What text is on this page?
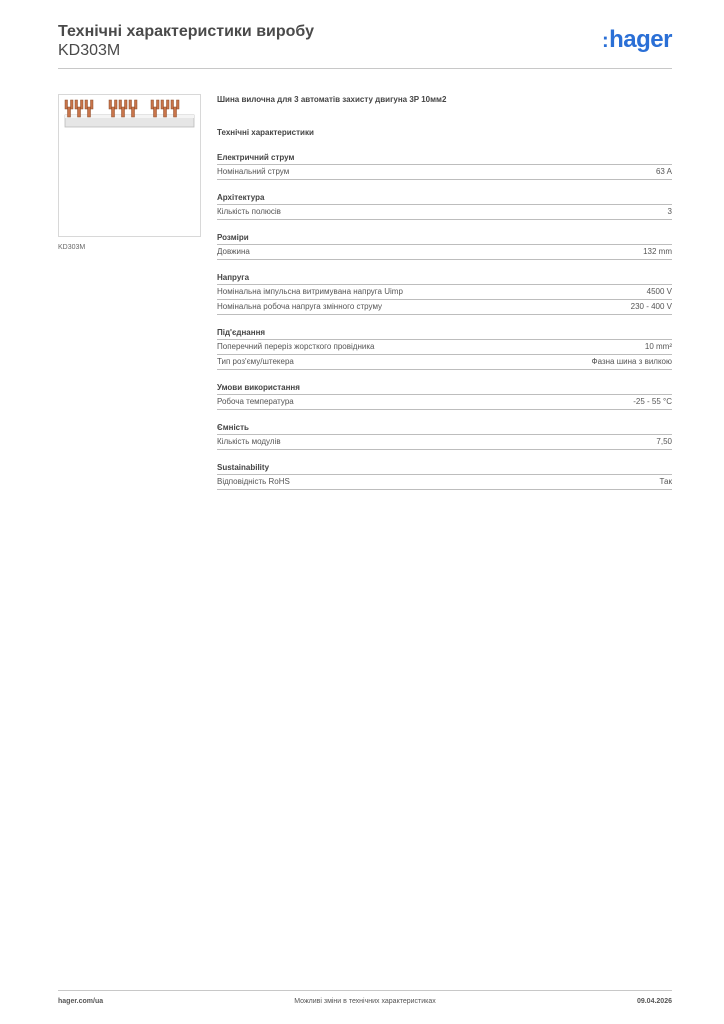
Технічні характеристики виробу

KD303M	:hager
KD303M

Шина вилочна для 3 автоматів захисту двигуна 3P 10мм2

Технічні характеристики

Електричний струм
Номінальний струм	63 A
Архітектура
Кількість полюсів	3
Розміри
Довжина	132 mm
Напруга
Номінальна імпульсна витримувана напруга Uimp	4500 V
Номінальна робоча напруга змінного струму	230 - 400 V
Під'єднання
Поперечний переріз жорсткого провідника	10 mm²
Тип роз'єму/штекера	Фазна шина з вилкою
Умови використання
Робоча температура	-25 - 55 °C
Ємність
Кількість модулів	7,50
Sustainability
Відповідність RoHS	Так
hager.com/ua	Можливі зміни в технічних характеристиках	09.04.2026
